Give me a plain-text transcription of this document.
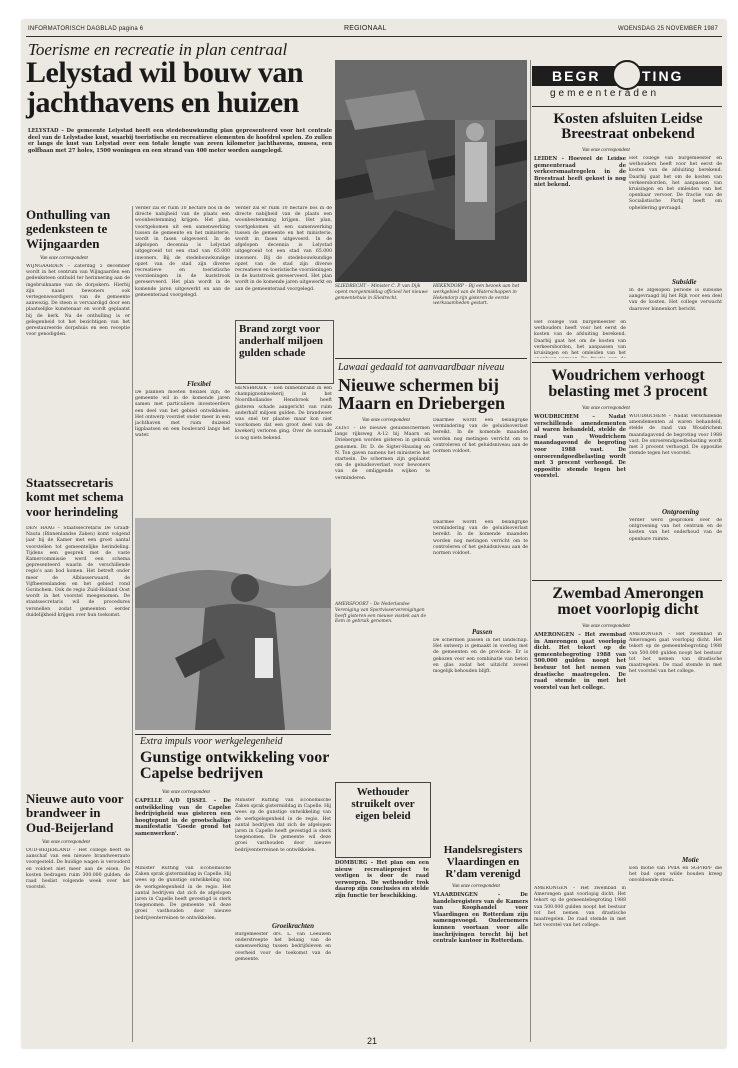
INFORMATORISCH DAGBLAD pagina 6	REGIONAAL	WOENSDAG 25 NOVEMBER 1987
Toerisme en recreatie in plan centraal
Lelystad wil bouw van jachthavens en huizen
LELYSTAD – De gemeente Lelystad heeft een stedebouwkundig plan gepresenteerd voor het centrale deel van de Lelystadse kust, waarbij toeristische en recreatieve elementen de hoofdrol spelen. Zo zullen er langs de kust van Lelystad over een totale lengte van zeven kilometer jachthavens, musea, een golfbaan met 27 holes, 1500 woningen en een strand van 400 meter worden aangelegd.
Onthulling van gedenksteen te Wijngaarden
Van onze correspondent
WIJNGAARDEN – Zaterdag 5 december wordt in het centrum van Wijngaarden een gedenksteen onthuld ter herinnering aan de ingebruikname van de dorpskern. Hierbij zijn naast bewoners ook vertegenwoordigers van de gemeente aanwezig. De steen is vervaardigd door een plaatselijke kunstenaar en wordt geplaatst bij de kerk. Na de onthulling is er gelegenheid tot het bezichtigen van het gerestaureerde dorpshuis en een receptie voor genodigden.
Verder zal er ruim 10 hectare bos in de directe nabijheid van de plaats een woonbestemming krijgen. Het plan, voortgekomen uit een samenwerking tussen de gemeente en het ministerie, wordt in fasen uitgevoerd. In de afgelopen decennia is Lelystad uitgegroeid tot een stad van 65.000 inwoners. Bij de stedebouwkundige opzet van de stad zijn diverse recreatieve en toeristische voorzieningen in de kuststrook gereserveerd. Het plan wordt in de komende jaren uitgewerkt en aan de gemeenteraad voorgelegd.
Flexibel
De plannen moeten flexibel zijn; de gemeente wil in de komende jaren samen met particuliere investeerders een deel van het gebied ontwikkelen. Het ontwerp voorziet onder meer in een jachthaven met ruim duizend ligplaatsen en een boulevard langs het water.
Verder zal er ruim 10 hectare bos in de directe nabijheid van de plaats een woonbestemming krijgen. Het plan, voortgekomen uit een samenwerking tussen de gemeente en het ministerie, wordt in fasen uitgevoerd. In de afgelopen decennia is Lelystad uitgegroeid tot een stad van 65.000 inwoners. Bij de stedebouwkundige opzet van de stad zijn diverse recreatieve en toeristische voorzieningen in de kuststrook gereserveerd. Het plan wordt in de komende jaren uitgewerkt en aan de gemeenteraad voorgelegd.
Brand zorgt voor anderhalf miljoen gulden schade
HENSBROEK – Een binnenbrand in een champignonkwekerij in het Noordhollandse Hensbroek heeft gisteren schade aangericht van ruim anderhalf miljoen gulden. De brandweer was snel ter plaatse maar kon niet voorkomen dat een groot deel van de kwekerij verloren ging. Over de oorzaak is nog niets bekend.
Staatssecretaris komt met schema voor herindeling
DEN HAAG – Staatssecretaris De Graaff-Nauta (Binnenlandse Zaken) komt volgend jaar bij de Kamer met een groot aantal voorstellen tot gemeentelijke herindeling. Tijdens een gesprek met de vaste Kamercommissie werd een schema gepresenteerd waarin de verschillende regio's aan bod komen. Het betreft onder meer de Alblasserwaard, de Vijfheerenlanden en het gebied rond Gorinchem. Ook de regio Zuid-Holland Oost wordt in het voorstel meegenomen. De staatssecretaris wil de procedures versnellen zodat gemeenten eerder duidelijkheid krijgen over hun toekomst.
Nieuwe auto voor brandweer in Oud-Beijerland
Van onze correspondent
OUD-BEIJERLAND – Het college heeft de aanschaf van een nieuwe brandweerauto voorgesteld. De huidige wagen is verouderd en voldoet niet meer aan de eisen. De kosten bedragen ruim 300.000 gulden; de raad beslist volgende week over het voorstel.
SLIEDRECHT – Minister C. P. van Dijk opent morgenmiddag officieel het nieuwe gemeentehuis in Sliedrecht.
HEKENDORP – Bij een bezoek aan het werkgebied van de Waterschappen in Hekendorp zijn gisteren de eerste werkzaamheden gestart.
BEGR	TING
gemeenteraden
Kosten afsluiten Leidse Breestraat onbekend
Van onze correspondent
LEIDEN – Hoeveel de Leidse gemeenteraad de verkeersmaatregelen in de Breestraat heeft gekost is nog niet bekend.
Het college van burgemeester en wethouders heeft voor het eerst de kosten van de afsluiting berekend. Daarbij gaat het om de kosten van verkeersborden, het aanpassen van kruisingen en het omleiden van het openbaar vervoer. De fractie van de Socialistische Partij heeft om opheldering gevraagd.
Subsidie
In de afgelopen periode is subsidie aangevraagd bij het Rijk voor een deel van de kosten. Het college verwacht daarover binnenkort bericht.
Het college van burgemeester en wethouders heeft voor het eerst de kosten van de afsluiting berekend. Daarbij gaat het om de kosten van verkeersborden, het aanpassen van kruisingen en het omleiden van het
Lawaai gedaald tot aanvaardbaar niveau
Nieuwe schermen bij Maarn en Driebergen
Van onze correspondent
ZEIST – De nieuwe geluidsschermen langs rijksweg A-12 bij Maarn en Driebergen worden gisteren in gebruik genomen. Dr. D. de Sigter-Hausing en N. Ton gaven namens het ministerie het startsein. De schermen zijn geplaatst om de geluidsoverlast voor bewoners van de omliggende wijken te verminderen.
Daarmee wordt een belangrijke vermindering van de geluidsoverlast bereikt. In de komende maanden worden nog metingen verricht om te controleren of het geluidsniveau aan de normen voldoet.
Woudrichem verhoogt belasting met 3 procent
Van onze correspondent
WOUDRICHEM – Nadat verschillende amendementen al waren behandeld, stelde de raad van Woudrichem maandagavond de begroting voor 1988 vast. De onroerendgoedbelasting wordt met 3 procent verhoogd. De oppositie stemde tegen het voorstel.
WOUDRICHEM – Nadat verschillende amendementen al waren behandeld, stelde de raad van Woudrichem maandagavond de begroting voor 1988 vast. De onroerendgoedbelasting wordt met 3 procent verhoogd. De oppositie stemde tegen het voorstel.
Ontgroening
Verder werd gesproken over de ontgroening van het centrum en de kosten van het onderhoud van de openbare ruimte.
AMERSFOORT – De Nederlandse Vereniging van Sportvisserverenigingen heeft gisteren een nieuwe visstek aan de Eem in gebruik genomen.
Passen
De schermen passen in het landschap. Het ontwerp is gemaakt in overleg met de gemeenten en de provincie. Er is gekozen voor een combinatie van beton en glas zodat het uitzicht zoveel mogelijk behouden blijft.
Daarmee wordt een belangrijke vermindering van de geluidsoverlast bereikt. In de komende maanden worden nog metingen verricht om te controleren of het geluidsniveau aan de normen voldoet.
Zwembad Amerongen moet voorlopig dicht
Van onze correspondent
AMERONGEN – Het zwembad in Amerongen gaat voorlopig dicht. Het tekort op de gemeentebegroting 1988 van 500.000 gulden noopt het bestuur tot het nemen van drastische maatregelen. De raad stemde in met het voorstel van het college.
AMERONGEN – Het zwembad in Amerongen gaat voorlopig dicht. Het tekort op de gemeentebegroting 1988 van 500.000 gulden noopt het bestuur tot het nemen van drastische maatregelen. De raad stemde in met het voorstel van het college.
Motie
Een motie van PvdA en SGP/RPF die het bad open wilde houden kreeg onvoldoende steun.
AMERONGEN – Het zwembad in Amerongen gaat voorlopig dicht. Het tekort op de gemeentebegroting 1988 van 500.000 gulden noopt het bestuur tot het nemen van drastische maatregelen. De raad stemde in met het voorstel van het college.
Extra impuls voor werkgelegenheid
Gunstige ontwikkeling voor Capelse bedrijven
Van onze correspondent
CAPELLE A/D IJSSEL – De ontwikkeling van de Capelse bedrijvigheid was gisteren een hoogtepunt in de grootschalige manifestatie 'Goede grond tot samenwerken'.
Minister Rutting van Economische Zaken sprak gistermiddag in Capelle. Hij wees op de gunstige ontwikkeling van de werkgelegenheid in de regio. Het aantal bedrijven dat zich de afgelopen jaren in Capelle heeft gevestigd is sterk toegenomen. De gemeente wil deze groei vasthouden door nieuwe bedrijventerreinen te ontwikkelen.
Minister Rutting van Economische Zaken sprak gistermiddag in Capelle. Hij wees op de gunstige ontwikkeling van de werkgelegenheid in de regio. Het aantal bedrijven dat zich de afgelopen jaren in Capelle heeft gevestigd is sterk toegenomen. De gemeente wil deze groei vasthouden door nieuwe bedrijventerreinen te ontwikkelen.
Groeikrachten
Burgemeester drs. L. van Leeuwen onderstreepte het belang van de samenwerking tussen bedrijfsleven en overheid voor de toekomst van de gemeente.
Wethouder struikelt over eigen beleid
DOMBURG – Het plan om een nieuw recreatieproject te vestigen is door de raad verworpen. De wethouder trok daarop zijn conclusies en stelde zijn functie ter beschikking.
Handelsregisters Vlaardingen en R'dam verenigd
Van onze correspondent
VLAARDINGEN – De handelsregisters van de Kamers van Koophandel voor Vlaardingen en Rotterdam zijn samengevoegd. Ondernemers kunnen voortaan voor alle inschrijvingen terecht bij het centrale kantoor in Rotterdam.
21
